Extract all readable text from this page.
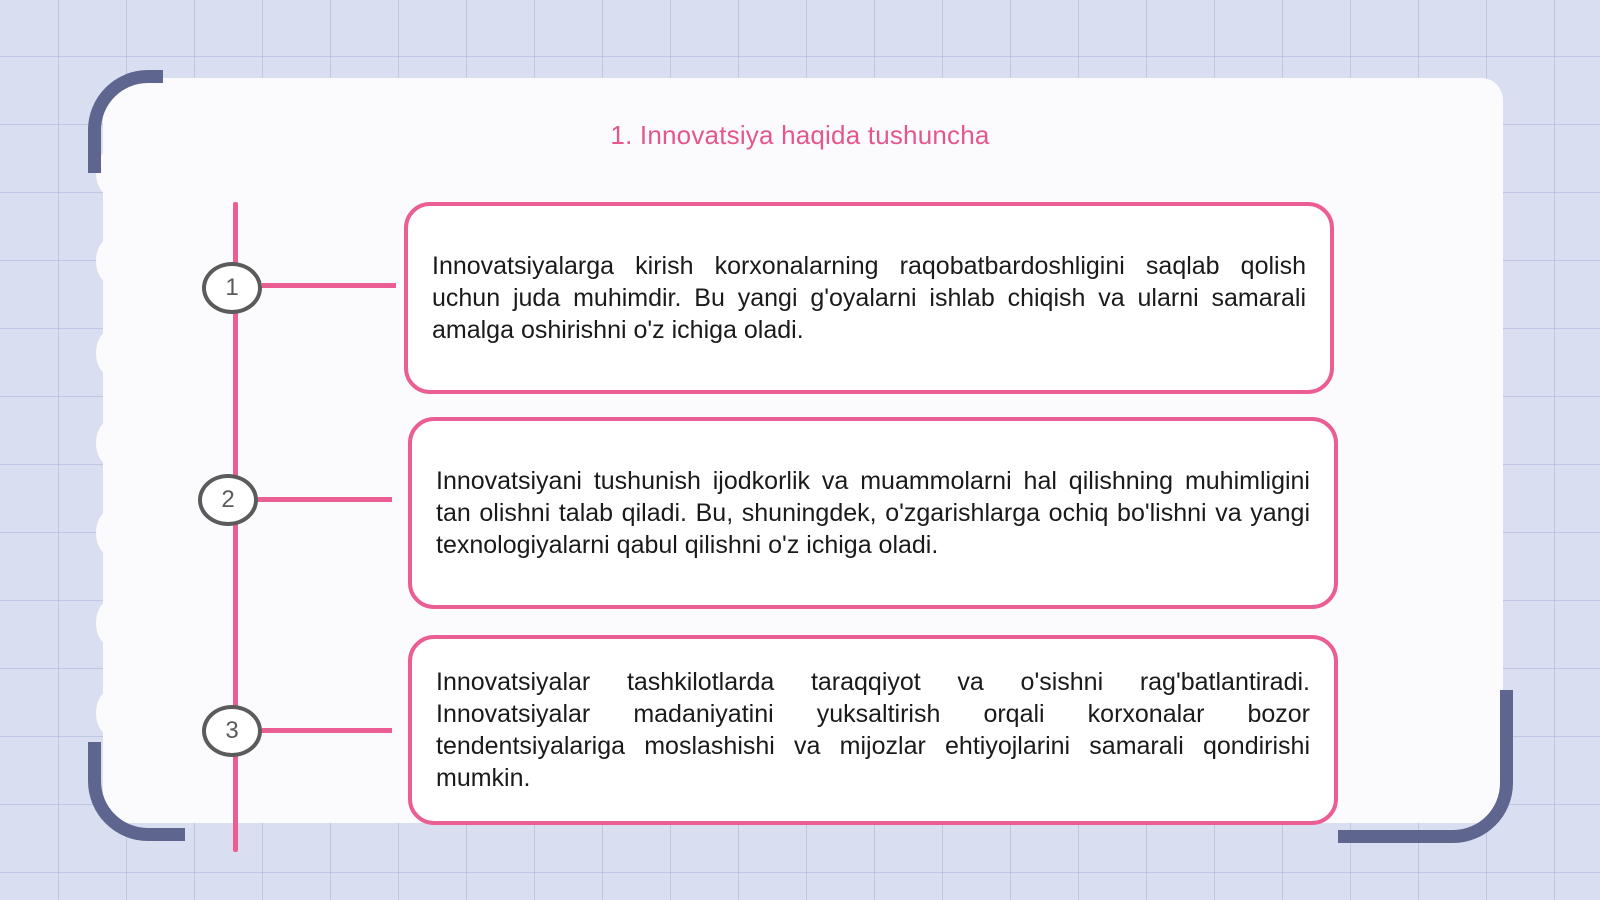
1. Innovatsiya haqida tushuncha
1
2
3

Innovatsiyalarga kirish korxonalarning raqobatbardoshligini saqlab qolish uchun juda muhimdir. Bu yangi g'oyalarni ishlab chiqish va ularni samarali amalga oshirishni o'z ichiga oladi.

Innovatsiyani tushunish ijodkorlik va muammolarni hal qilishning muhimligini tan olishni talab qiladi. Bu, shuningdek, o'zgarishlarga ochiq bo'lishni va yangi texnologiyalarni qabul qilishni o'z ichiga oladi.

Innovatsiyalar tashkilotlarda taraqqiyot va o'sishni rag'batlantiradi. Innovatsiyalar madaniyatini yuksaltirish orqali korxonalar bozor tendentsiyalariga moslashishi va mijozlar ehtiyojlarini samarali qondirishi mumkin.
